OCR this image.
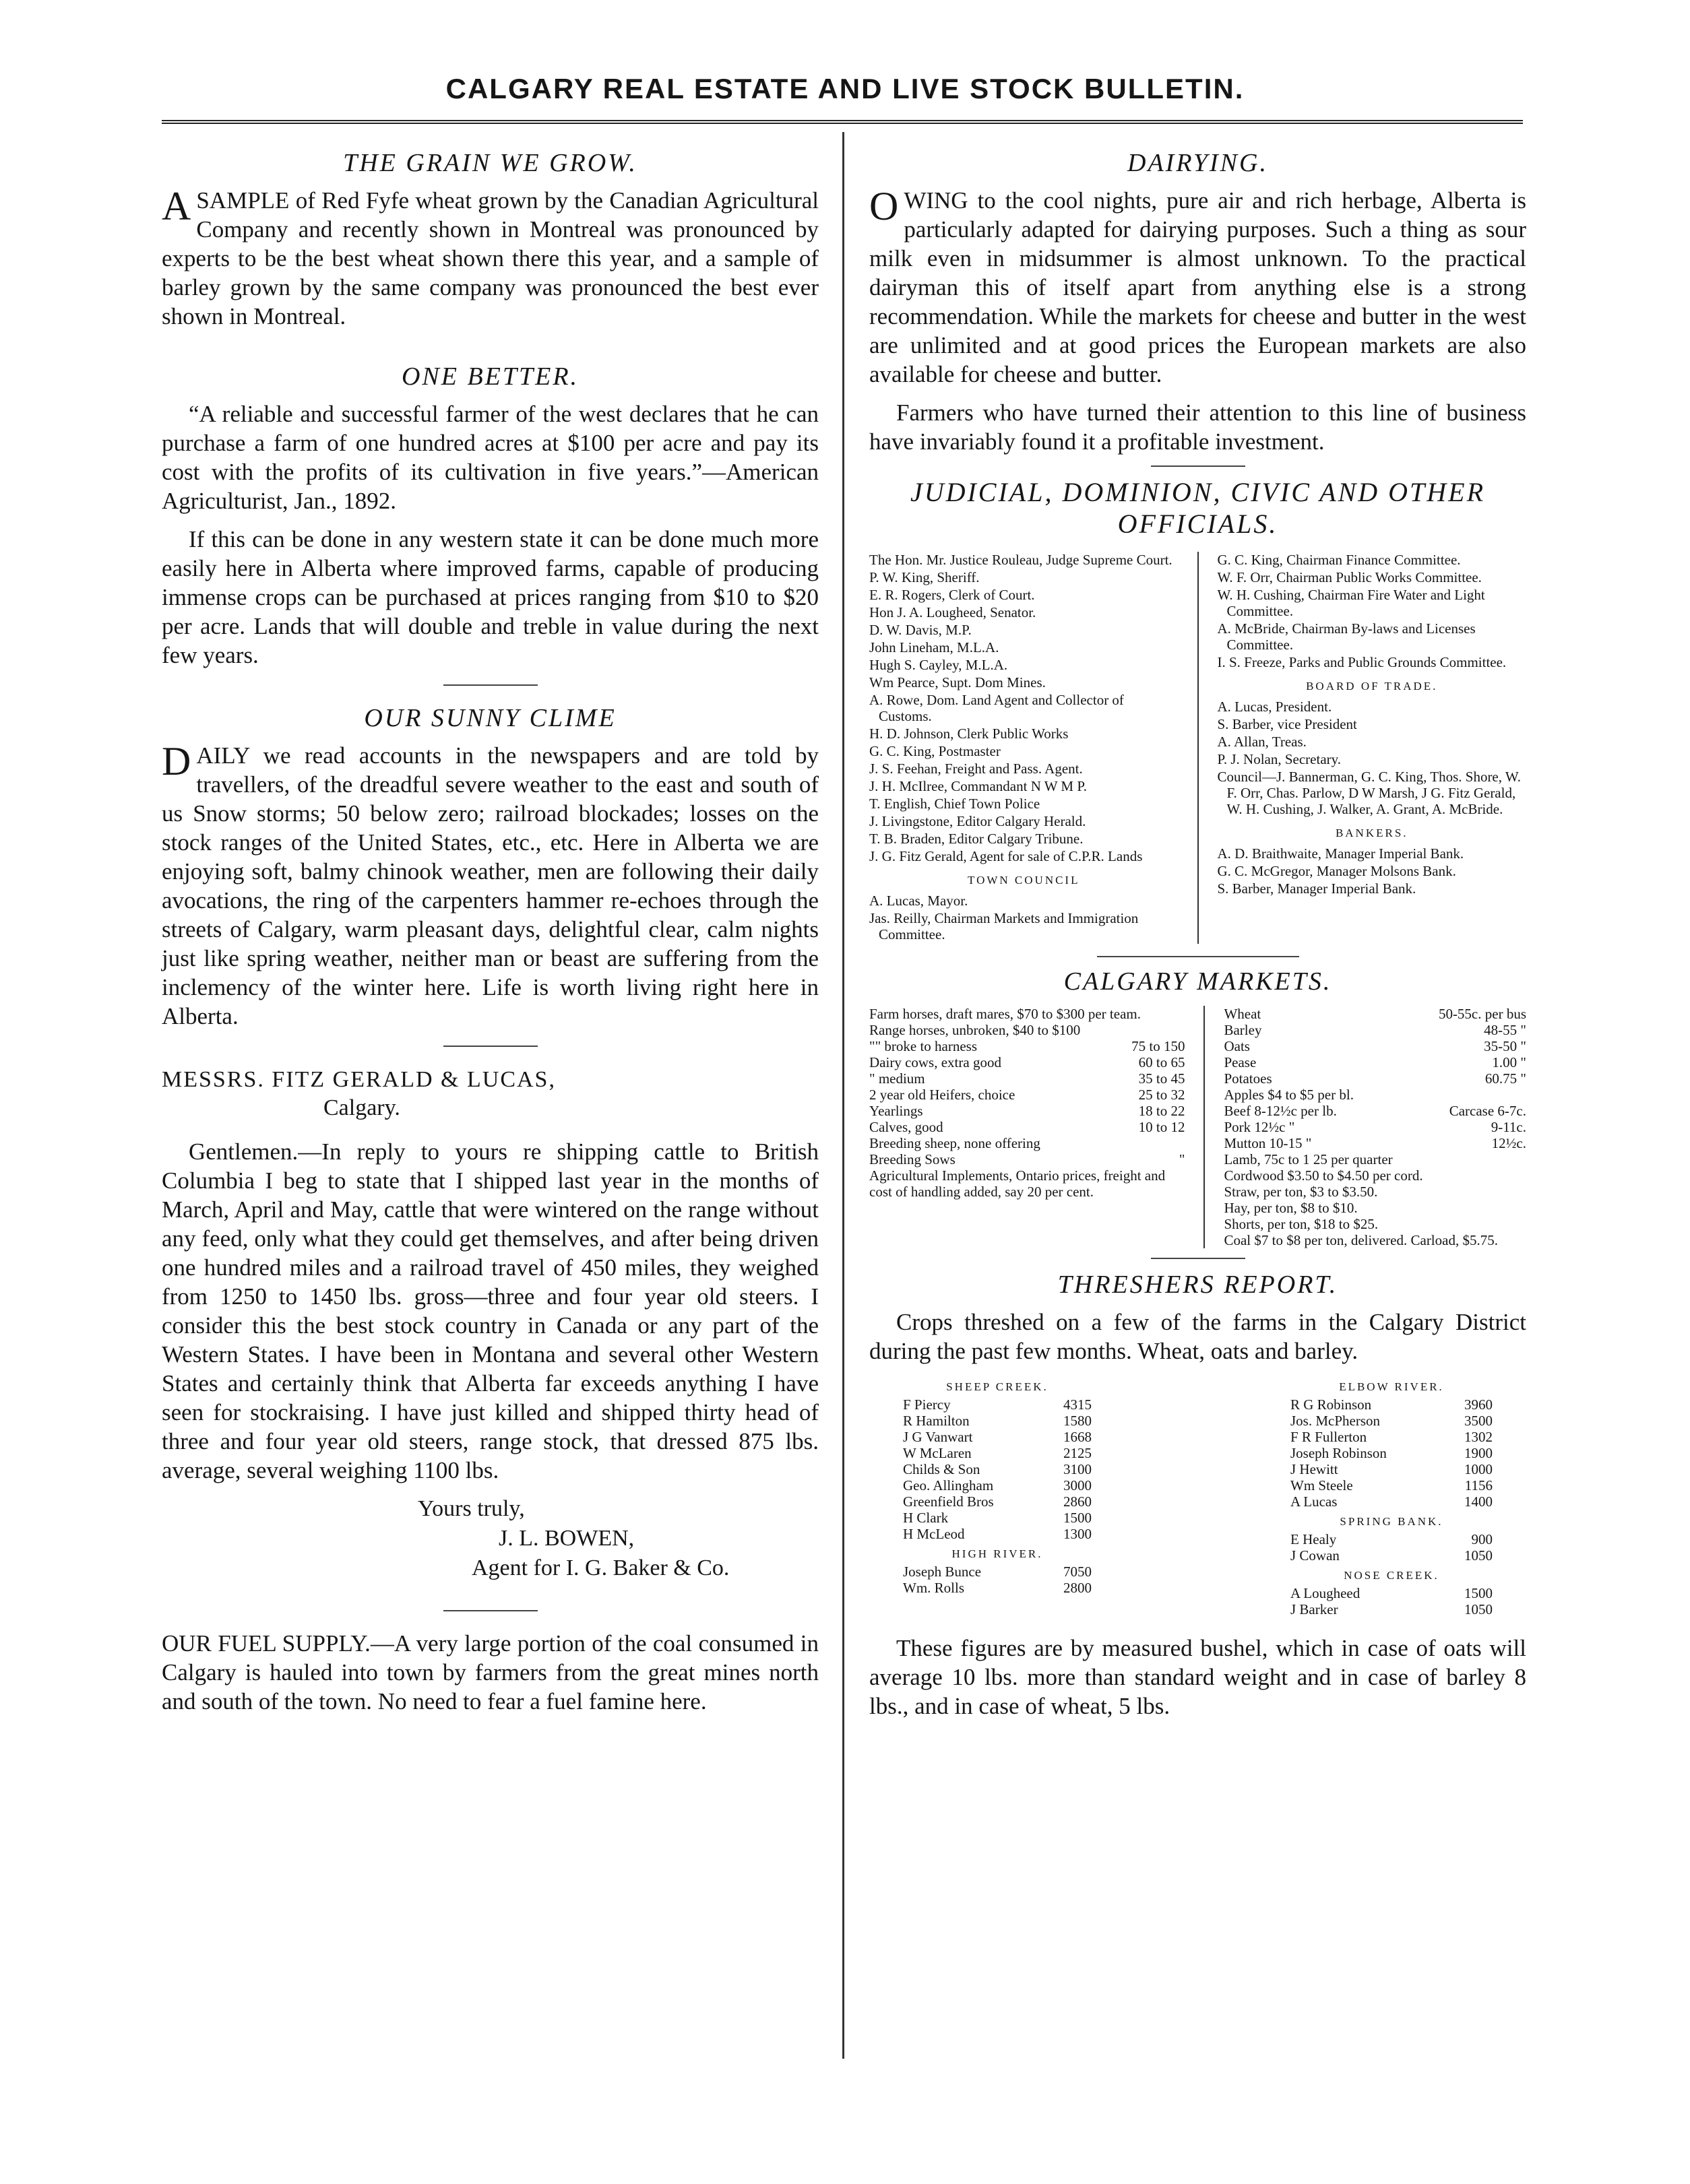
CALGARY REAL ESTATE AND LIVE STOCK BULLETIN.
THE GRAIN WE GROW.

ASAMPLE of Red Fyfe wheat grown by the Canadian Agricultural Company and recently shown in Montreal was pronounced by experts to be the best wheat shown there this year, and a sample of barley grown by the same company was pronounced the best ever shown in Montreal.

ONE BETTER.

“A reliable and successful farmer of the west declares that he can purchase a farm of one hundred acres at $100 per acre and pay its cost with the profits of its cultivation in five years.”—American Agriculturist, Jan., 1892.

If this can be done in any western state it can be done much more easily here in Alberta where improved farms, capable of producing immense crops can be purchased at prices ranging from $10 to $20 per acre. Lands that will double and treble in value during the next few years.

OUR SUNNY CLIME

DAILY we read accounts in the newspapers and are told by travellers, of the dreadful severe weather to the east and south of us Snow storms; 50 below zero; railroad blockades; losses on the stock ranges of the United States, etc., etc. Here in Alberta we are enjoying soft, balmy chinook weather, men are following their daily avocations, the ring of the carpenters hammer re-echoes through the streets of Calgary, warm pleasant days, delightful clear, calm nights just like spring weather, neither man or beast are suffering from the inclemency of the winter here. Life is worth living right here in Alberta.

MESSRS. FITZ GERALD & LUCAS,
Calgary.

Gentlemen.—In reply to yours re shipping cattle to British Columbia I beg to state that I shipped last year in the months of March, April and May, cattle that were wintered on the range without any feed, only what they could get themselves, and after being driven one hundred miles and a railroad travel of 450 miles, they weighed from 1250 to 1450 lbs. gross—three and four year old steers. I consider this the best stock country in Canada or any part of the Western States. I have been in Montana and several other Western States and certainly think that Alberta far exceeds anything I have seen for stockraising. I have just killed and shipped thirty head of three and four year old steers, range stock, that dressed 875 lbs. average, several weighing 1100 lbs.

Yours truly,
J. L. BOWEN,
Agent for I. G. Baker & Co.

OUR FUEL SUPPLY.—A very large portion of the coal consumed in Calgary is hauled into town by farmers from the great mines north and south of the town. No need to fear a fuel famine here.

DAIRYING.

OWING to the cool nights, pure air and rich herbage, Alberta is particularly adapted for dairying purposes. Such a thing as sour milk even in midsummer is almost unknown. To the practical dairyman this of itself apart from anything else is a strong recommendation. While the markets for cheese and butter in the west are unlimited and at good prices the European markets are also available for cheese and butter.

Farmers who have turned their attention to this line of business have invariably found it a profitable investment.

JUDICIAL, DOMINION, CIVIC AND OTHER OFFICIALS.
The Hon. Mr. Justice Rouleau, Judge Supreme Court.
P. W. King, Sheriff.
E. R. Rogers, Clerk of Court.
Hon J. A. Lougheed, Senator.
D. W. Davis, M.P.
John Lineham, M.L.A.
Hugh S. Cayley, M.L.A.
Wm Pearce, Supt. Dom Mines.
A. Rowe, Dom. Land Agent and Collector of Customs.
H. D. Johnson, Clerk Public Works
G. C. King, Postmaster
J. S. Feehan, Freight and Pass. Agent.
J. H. McIlree, Commandant N W M P.
T. English, Chief Town Police
J. Livingstone, Editor Calgary Herald.
T. B. Braden, Editor Calgary Tribune.
J. G. Fitz Gerald, Agent for sale of C.P.R. Lands
TOWN COUNCIL
A. Lucas, Mayor.
Jas. Reilly, Chairman Markets and Immigration Committee.
G. C. King, Chairman Finance Committee.
W. F. Orr, Chairman Public Works Committee.
W. H. Cushing, Chairman Fire Water and Light Committee.
A. McBride, Chairman By-laws and Licenses Committee.
I. S. Freeze, Parks and Public Grounds Committee.
BOARD OF TRADE.
A. Lucas, President.
S. Barber, vice President
A. Allan, Treas.
P. J. Nolan, Secretary.
Council—J. Bannerman, G. C. King, Thos. Shore, W. F. Orr, Chas. Parlow, D W Marsh, J G. Fitz Gerald, W. H. Cushing, J. Walker, A. Grant, A. McBride.
BANKERS.
A. D. Braithwaite, Manager Imperial Bank.
G. C. McGregor, Manager Molsons Bank.
S. Barber, Manager Imperial Bank.
CALGARY MARKETS.
Farm horses, draft mares, $70 to $300 per team.
Range horses, unbroken, $40 to $100
"" broke to harness	75 to 150
Dairy cows, extra good	60 to 65
" medium	35 to 45
2 year old Heifers, choice	25 to 32
Yearlings	18 to 22
Calves, good	10 to 12
Breeding sheep, none offering
Breeding Sows	"
Agricultural Implements, Ontario prices, freight and cost of handling added, say 20 per cent.
Wheat	50-55c. per bus
Barley	48-55 "
Oats	35-50 "
Pease	1.00 "
Potatoes	60.75 "
Apples $4 to $5 per bl.
Beef 8-12½c per lb.	Carcase 6-7c.
Pork 12½c "	9-11c.
Mutton 10-15 "	12½c.
Lamb, 75c to 1 25 per quarter
Cordwood $3.50 to $4.50 per cord.
Straw, per ton, $3 to $3.50.
Hay, per ton, $8 to $10.
Shorts, per ton, $18 to $25.
Coal $7 to $8 per ton, delivered. Carload, $5.75.
THRESHERS REPORT.

Crops threshed on a few of the farms in the Calgary District during the past few months. Wheat, oats and barley.

SHEEP CREEK.
F Piercy	4315
R Hamilton	1580
J G Vanwart	1668
W McLaren	2125
Childs & Son	3100
Geo. Allingham	3000
Greenfield Bros	2860
H Clark	1500
H McLeod	1300
HIGH RIVER.
Joseph Bunce	7050
Wm. Rolls	2800
ELBOW RIVER.
R G Robinson	3960
Jos. McPherson	3500
F R Fullerton	1302
Joseph Robinson	1900
J Hewitt	1000
Wm Steele	1156
A Lucas	1400
SPRING BANK.
E Healy	900
J Cowan	1050
NOSE CREEK.
A Lougheed	1500
J Barker	1050

These figures are by measured bushel, which in case of oats will average 10 lbs. more than standard weight and in case of barley 8 lbs., and in case of wheat, 5 lbs.
